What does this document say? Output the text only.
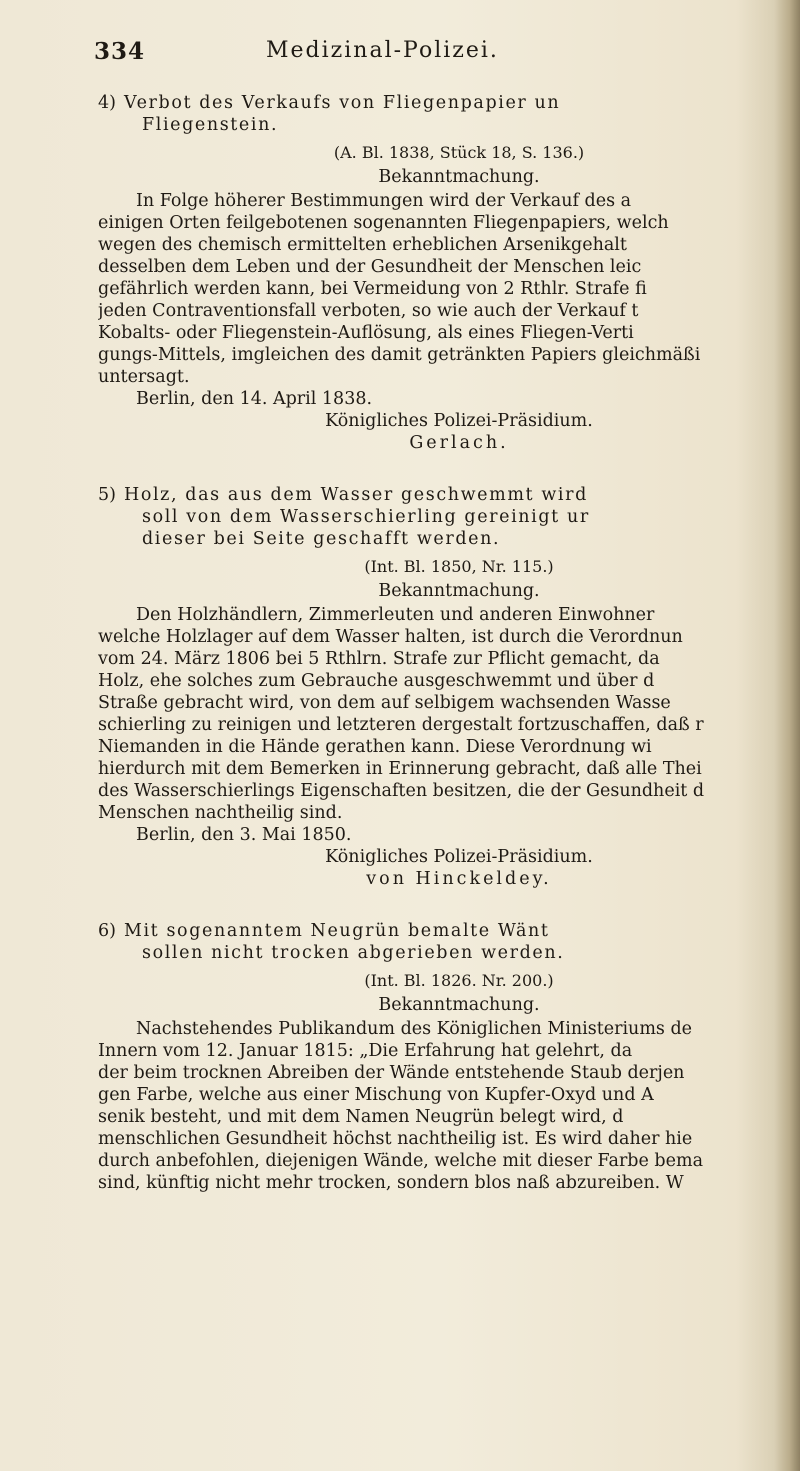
334	Medizinal-Polizei.
4) Verbot des Verkaufs von Fliegenpapier un
Fliegenstein.
(A. Bl. 1838, Stück 18, S. 136.)
Bekanntmachung.
In Folge höherer Bestimmungen wird der Verkauf des a
einigen Orten feilgebotenen sogenannten Fliegenpapiers, welch
wegen des chemisch ermittelten erheblichen Arsenikgehalt
desselben dem Leben und der Gesundheit der Menschen leic
gefährlich werden kann, bei Vermeidung von 2 Rthlr. Strafe fi
jeden Contraventionsfall verboten, so wie auch der Verkauf t
Kobalts- oder Fliegenstein-Auflösung, als eines Fliegen-Verti
gungs-Mittels, imgleichen des damit getränkten Papiers gleichmäßi
untersagt.
Berlin, den 14. April 1838.
Königliches Polizei-Präsidium.
Gerlach.
5) Holz, das aus dem Wasser geschwemmt wird
soll von dem Wasserschierling gereinigt ur
dieser bei Seite geschafft werden.
(Int. Bl. 1850, Nr. 115.)
Bekanntmachung.
Den Holzhändlern, Zimmerleuten und anderen Einwohner
welche Holzlager auf dem Wasser halten, ist durch die Verordnun
vom 24. März 1806 bei 5 Rthlrn. Strafe zur Pflicht gemacht, da
Holz, ehe solches zum Gebrauche ausgeschwemmt und über d
Straße gebracht wird, von dem auf selbigem wachsenden Wasse
schierling zu reinigen und letzteren dergestalt fortzuschaffen, daß r
Niemanden in die Hände gerathen kann. Diese Verordnung wi
hierdurch mit dem Bemerken in Erinnerung gebracht, daß alle Thei
des Wasserschierlings Eigenschaften besitzen, die der Gesundheit d
Menschen nachtheilig sind.
Berlin, den 3. Mai 1850.
Königliches Polizei-Präsidium.
von Hinckeldey.
6) Mit sogenanntem Neugrün bemalte Wänt
sollen nicht trocken abgerieben werden.
(Int. Bl. 1826. Nr. 200.)
Bekanntmachung.
Nachstehendes Publikandum des Königlichen Ministeriums de
Innern vom 12. Januar 1815: „Die Erfahrung hat gelehrt, da
der beim trocknen Abreiben der Wände entstehende Staub derjen
gen Farbe, welche aus einer Mischung von Kupfer-Oxyd und A
senik besteht, und mit dem Namen Neugrün belegt wird, d
menschlichen Gesundheit höchst nachtheilig ist. Es wird daher hie
durch anbefohlen, diejenigen Wände, welche mit dieser Farbe bema
sind, künftig nicht mehr trocken, sondern blos naß abzureiben. W
